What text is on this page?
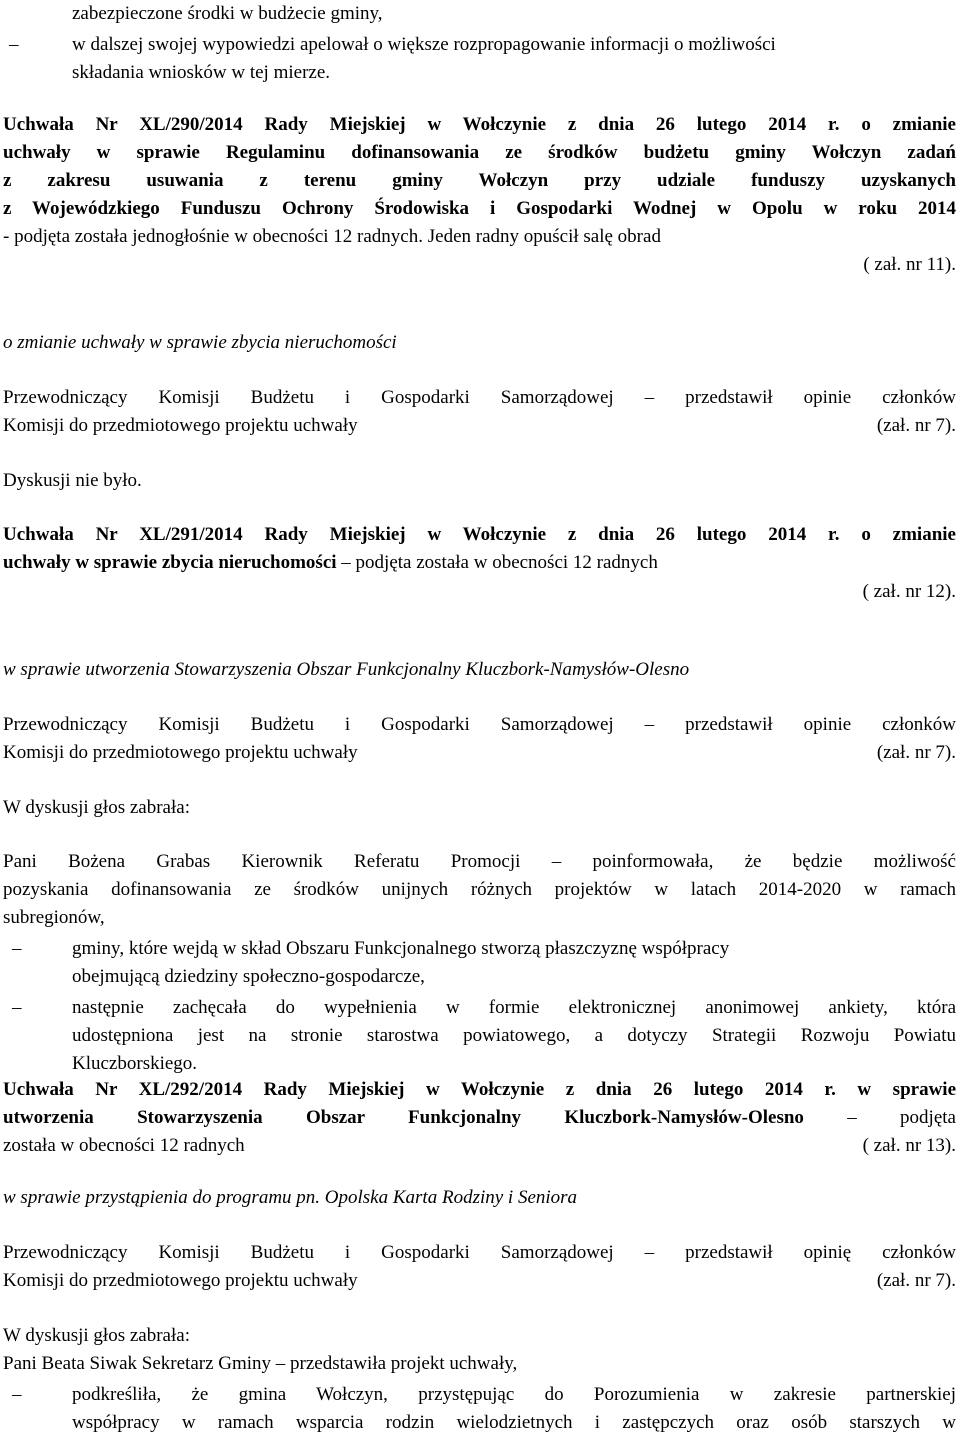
zabezpieczone środki w budżecie gminy,
–	w dalszej swojej wypowiedzi apelował o większe rozpropagowanie informacji o możliwości
składania wniosków w tej mierze.
Uchwała Nr XL/290/2014 Rady Miejskiej w Wołczynie z dnia 26 lutego 2014 r. o zmianie
uchwały w sprawie Regulaminu dofinansowania ze środków budżetu gminy Wołczyn zadań
z zakresu usuwania z terenu gminy Wołczyn przy udziale funduszy uzyskanych
z Wojewódzkiego Funduszu Ochrony Środowiska i Gospodarki Wodnej w Opolu w roku 2014
- podjęta została jednogłośnie w obecności 12 radnych. Jeden radny opuścił salę obrad
( zał. nr 11).
o zmianie uchwały w sprawie zbycia nieruchomości
Przewodniczący Komisji Budżetu i Gospodarki Samorządowej – przedstawił opinie członków
Komisji do przedmiotowego projektu uchwały	(zał. nr 7).
Dyskusji nie było.
Uchwała Nr XL/291/2014 Rady Miejskiej w Wołczynie z dnia 26 lutego 2014 r. o zmianie
uchwały w sprawie zbycia nieruchomości – podjęta została w obecności 12 radnych
( zał. nr 12).
w sprawie utworzenia Stowarzyszenia Obszar Funkcjonalny Kluczbork-Namysłów-Olesno
Przewodniczący Komisji Budżetu i Gospodarki Samorządowej – przedstawił opinie członków
Komisji do przedmiotowego projektu uchwały	(zał. nr 7).
W dyskusji głos zabrała:
Pani Bożena Grabas Kierownik Referatu Promocji – poinformowała, że będzie możliwość
pozyskania dofinansowania ze środków unijnych różnych projektów w latach 2014-2020 w ramach
subregionów,
–	gminy, które wejdą w skład Obszaru Funkcjonalnego stworzą płaszczyznę współpracy
obejmującą dziedziny społeczno-gospodarcze,
–	następnie zachęcała do wypełnienia w formie elektronicznej anonimowej ankiety, która
udostępniona jest na stronie starostwa powiatowego, a dotyczy Strategii Rozwoju Powiatu
Kluczborskiego.
Uchwała Nr XL/292/2014 Rady Miejskiej w Wołczynie z dnia 26 lutego 2014 r. w sprawie
utworzenia Stowarzyszenia Obszar Funkcjonalny Kluczbork-Namysłów-Olesno – podjęta
została w obecności 12 radnych	( zał. nr 13).
w sprawie przystąpienia do programu pn. Opolska Karta Rodziny i Seniora
Przewodniczący Komisji Budżetu i Gospodarki Samorządowej – przedstawił opinię członków
Komisji do przedmiotowego projektu uchwały	(zał. nr 7).
W dyskusji głos zabrała:
Pani Beata Siwak Sekretarz Gminy – przedstawiła projekt uchwały,
–	podkreśliła, że gmina Wołczyn, przystępując do Porozumienia w zakresie partnerskiej
współpracy w ramach wsparcia rodzin wielodzietnych i zastępczych oraz osób starszych w
